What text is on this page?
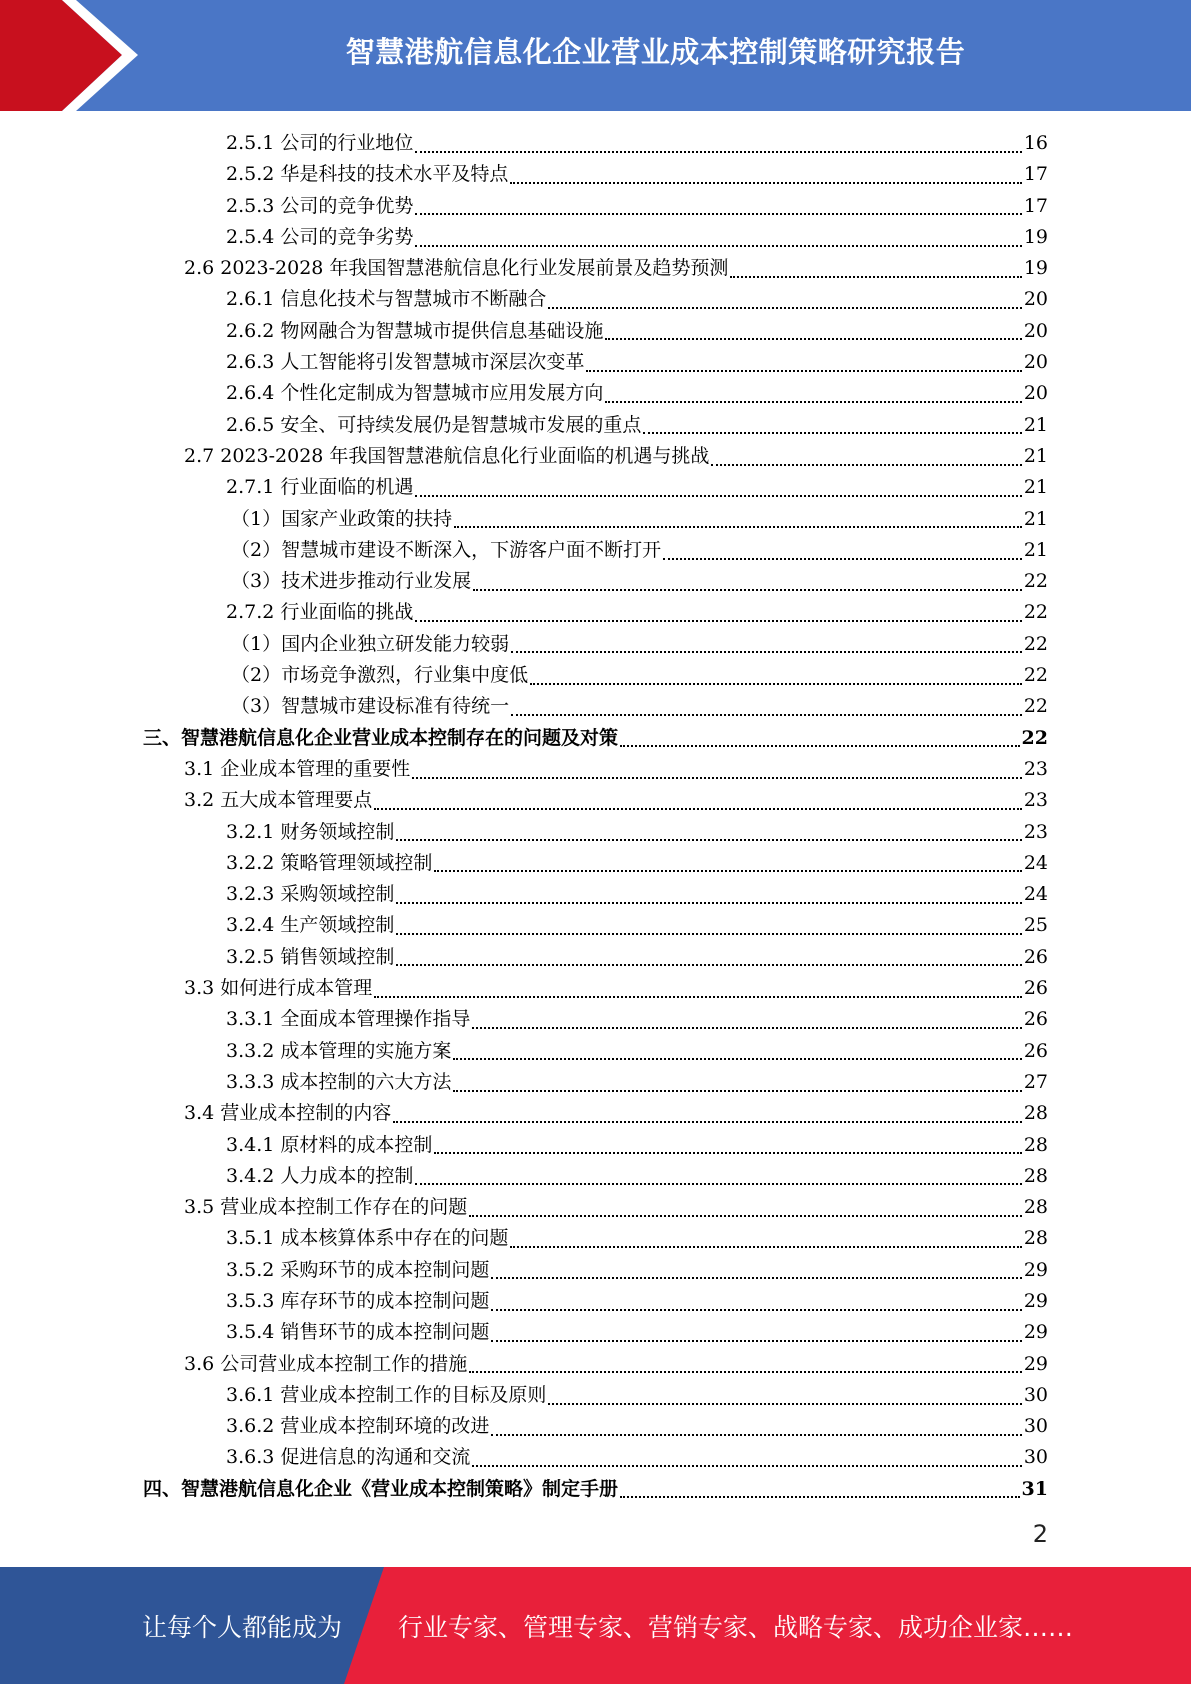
智慧港航信息化企业营业成本控制策略研究报告
2.5.1 公司的行业地位	16
2.5.2 华是科技的技术水平及特点	17
2.5.3 公司的竞争优势	17
2.5.4 公司的竞争劣势	19
2.6 2023-2028 年我国智慧港航信息化行业发展前景及趋势预测	19
2.6.1 信息化技术与智慧城市不断融合	20
2.6.2 物网融合为智慧城市提供信息基础设施	20
2.6.3 人工智能将引发智慧城市深层次变革	20
2.6.4 个性化定制成为智慧城市应用发展方向	20
2.6.5 安全、可持续发展仍是智慧城市发展的重点	21
2.7 2023-2028 年我国智慧港航信息化行业面临的机遇与挑战	21
2.7.1 行业面临的机遇	21
（1）国家产业政策的扶持	21
（2）智慧城市建设不断深入，下游客户面不断打开	21
（3）技术进步推动行业发展	22
2.7.2 行业面临的挑战	22
（1）国内企业独立研发能力较弱	22
（2）市场竞争激烈，行业集中度低	22
（3）智慧城市建设标准有待统一	22
三、智慧港航信息化企业营业成本控制存在的问题及对策	22
3.1 企业成本管理的重要性	23
3.2 五大成本管理要点	23
3.2.1 财务领域控制	23
3.2.2 策略管理领域控制	24
3.2.3 采购领域控制	24
3.2.4 生产领域控制	25
3.2.5 销售领域控制	26
3.3 如何进行成本管理	26
3.3.1 全面成本管理操作指导	26
3.3.2 成本管理的实施方案	26
3.3.3 成本控制的六大方法	27
3.4 营业成本控制的内容	28
3.4.1 原材料的成本控制	28
3.4.2 人力成本的控制	28
3.5 营业成本控制工作存在的问题	28
3.5.1 成本核算体系中存在的问题	28
3.5.2 采购环节的成本控制问题	29
3.5.3 库存环节的成本控制问题	29
3.5.4 销售环节的成本控制问题	29
3.6 公司营业成本控制工作的措施	29
3.6.1 营业成本控制工作的目标及原则	30
3.6.2 营业成本控制环境的改进	30
3.6.3 促进信息的沟通和交流	30
四、智慧港航信息化企业《营业成本控制策略》制定手册	31
2
让每个人都能成为 行业专家、管理专家、营销专家、战略专家、成功企业家……
